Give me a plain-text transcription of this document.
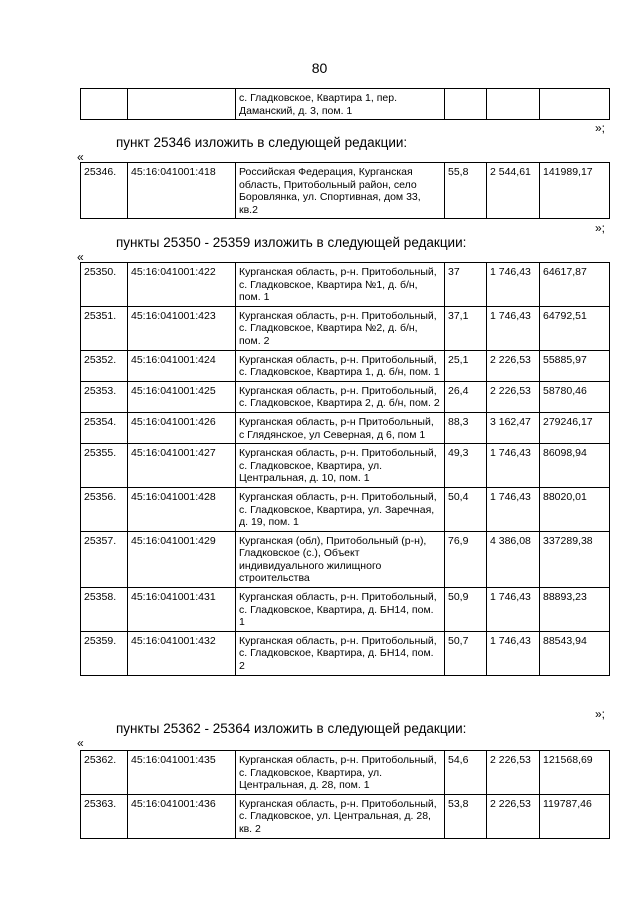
80
		с. Гладковское, Квартира 1, пер. Даманский, д. 3, пом. 1			
»;
пункт 25346 изложить в следующей редакции:
«
25346.	45:16:041001:418	Российская Федерация, Курганская область, Притобольный район, село Боровлянка, ул. Спортивная, дом 33, кв.2	55,8	2 544,61	141989,17
»;
пункты 25350 - 25359 изложить в следующей редакции:
«
25350.	45:16:041001:422	Курганская область, р-н. Притобольный, с. Гладковское, Квартира №1, д. б/н, пом. 1	37	1 746,43	64617,87
25351.	45:16:041001:423	Курганская область, р-н. Притобольный, с. Гладковское, Квартира №2, д. б/н, пом. 2	37,1	1 746,43	64792,51
25352.	45:16:041001:424	Курганская область, р-н. Притобольный, с. Гладковское, Квартира 1, д. б/н, пом. 1	25,1	2 226,53	55885,97
25353.	45:16:041001:425	Курганская область, р-н. Притобольный, с. Гладковское, Квартира 2, д. б/н, пом. 2	26,4	2 226,53	58780,46
25354.	45:16:041001:426	Курганская область, р-н Притобольный, с Глядянское, ул Северная, д 6, пом 1	88,3	3 162,47	279246,17
25355.	45:16:041001:427	Курганская область, р-н. Притобольный, с. Гладковское, Квартира, ул. Центральная, д. 10, пом. 1	49,3	1 746,43	86098,94
25356.	45:16:041001:428	Курганская область, р-н. Притобольный, с. Гладковское, Квартира, ул. Заречная, д. 19, пом. 1	50,4	1 746,43	88020,01
25357.	45:16:041001:429	Курганская (обл), Притобольный (р-н), Гладковское (с.), Объект индивидуального жилищного строительства	76,9	4 386,08	337289,38
25358.	45:16:041001:431	Курганская область, р-н. Притобольный, с. Гладковское, Квартира, д. БН14, пом. 1	50,9	1 746,43	88893,23
25359.	45:16:041001:432	Курганская область, р-н. Притобольный, с. Гладковское, Квартира, д. БН14, пом. 2	50,7	1 746,43	88543,94
»;
пункты 25362 - 25364 изложить в следующей редакции:
«
25362.	45:16:041001:435	Курганская область, р-н. Притобольный, с. Гладковское, Квартира, ул. Центральная, д. 28, пом. 1	54,6	2 226,53	121568,69
25363.	45:16:041001:436	Курганская область, р-н. Притобольный, с. Гладковское, ул. Центральная, д. 28, кв. 2	53,8	2 226,53	119787,46
